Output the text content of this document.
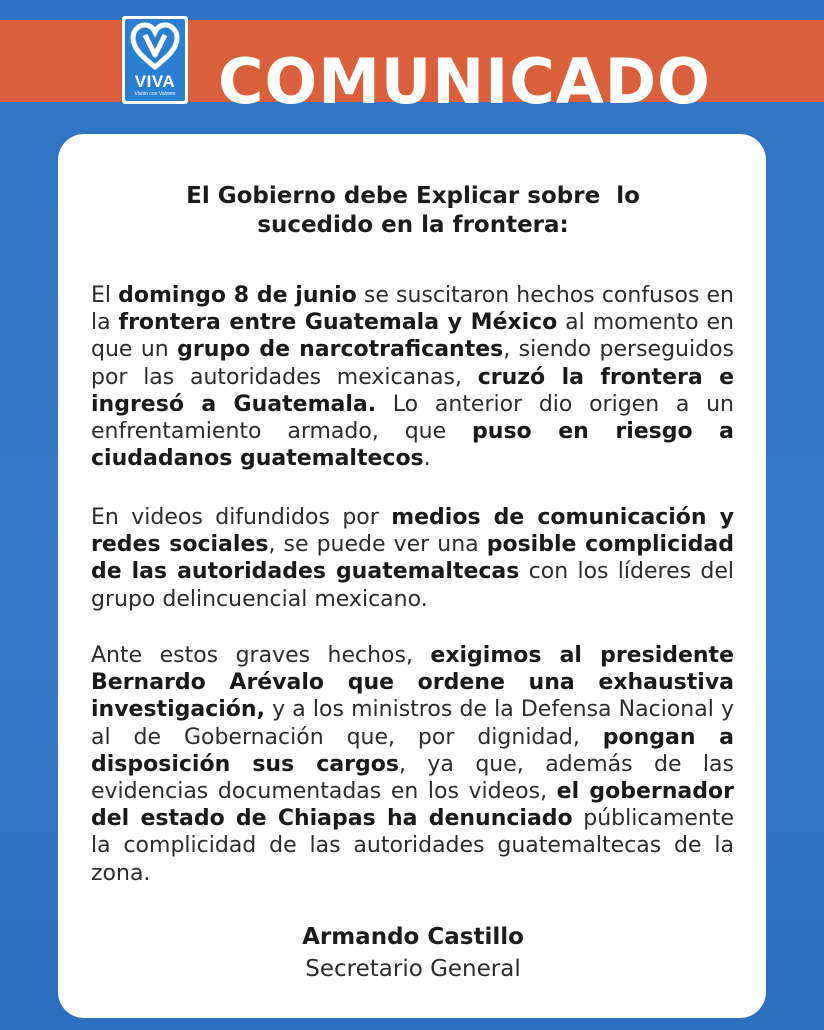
COMUNICADO
VIVA
Visión con Valores
El Gobierno debe Explicar sobre  lo
sucedido en la frontera:

El domingo 8 de junio se suscitaron hechos confusos en la frontera entre Guatemala y México al momento en que un grupo de narcotraficantes, siendo perseguidos por las autoridades mexicanas, cruzó la frontera e ingresó a Guatemala. Lo anterior dio origen a un enfrentamiento armado, que puso en riesgo a ciudadanos guatemaltecos.

En videos difundidos por medios de comunicación y redes sociales, se puede ver una posible complicidad de las autoridades guatemaltecas con los líderes del grupo delincuencial mexicano.

Ante estos graves hechos, exigimos al presidente Bernardo Arévalo que ordene una exhaustiva investigación, y a los ministros de la Defensa Nacional y al de Gobernación que, por dignidad, pongan a disposición sus cargos, ya que, además de las evidencias documentadas en los videos, el gobernador del estado de Chiapas ha denunciado públicamente la complicidad de las autoridades guatemaltecas de la zona.

Armando Castillo
Secretario General
